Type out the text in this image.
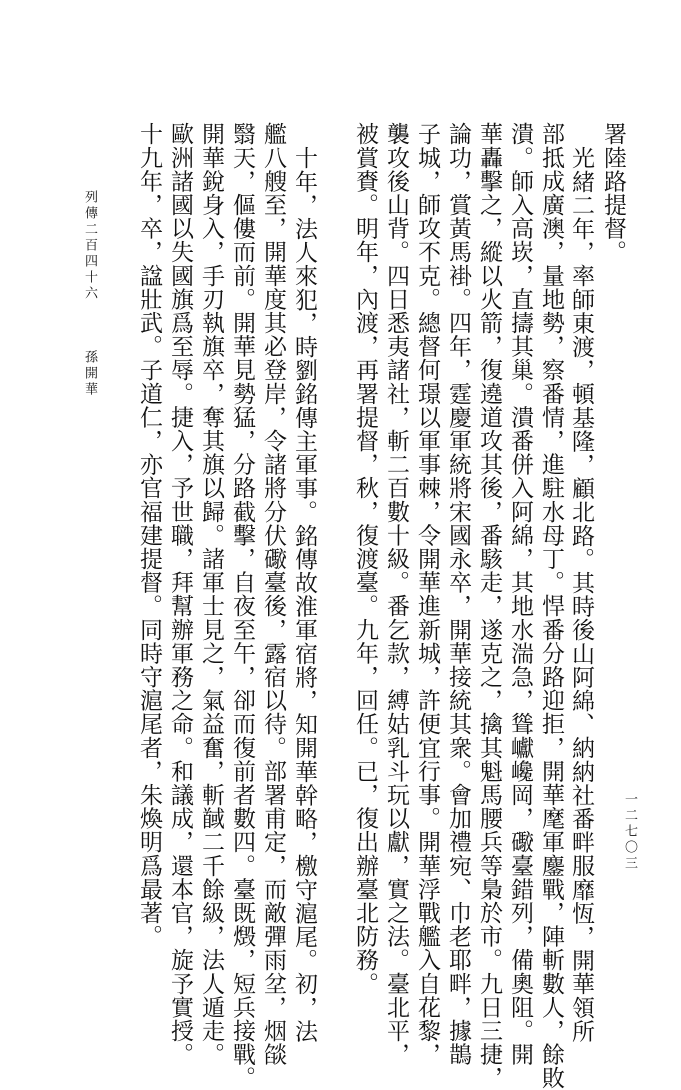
列傳二百四十六
孫開華
一二七〇三
署陸路提督。
光緒二年，率師東渡，頓基隆，顧北路。其時後山阿綿、納納社番畔服靡恆，開華領所
部抵成廣澳，量地勢，察番情，進駐水母丁。悍番分路迎拒，開華麾軍鏖戰，陣斬數人，餘敗
潰。師入高崁，直擣其巢。潰番併入阿綿，其地水湍急，聳巘巉岡，礮臺錯列，備奧阻。開
華轟擊之，縱以火箭，復遶道攻其後，番駭走，遂克之，擒其魁馬腰兵等梟於市。九日三捷，
論功，賞黃馬褂。四年，霆慶軍統將宋國永卒，開華接統其衆。會加禮宛、巾老耶畔，據鵲
子城，師攻不克。總督何璟以軍事棘，令開華進新城，許便宜行事。開華浮戰艦入自花黎，
襲攻後山背。四日悉夷諸社，斬二百數十級。番乞款，縛姑乳斗玩以獻，實之法。臺北平，
被賞賚。明年，內渡，再署提督，秋，復渡臺。九年，回任。已，復出辦臺北防務。
十年，法人來犯，時劉銘傳主軍事。銘傳故淮軍宿將，知開華幹略，檄守滬尾。初，法
艦八艘至，開華度其必登岸，令諸將分伏礮臺後，露宿以待。部署甫定，而敵彈雨坌，烟燄
翳天，傴僂而前。開華見勢猛，分路截擊，自夜至午，卻而復前者數四。臺既燬，短兵接戰。
開華銳身入，手刃執旗卒，奪其旗以歸。諸軍士見之，氣益奮，斬馘二千餘級，法人遁走。
歐洲諸國以失國旗爲至辱。捷入，予世職，拜幫辦軍務之命。和議成，還本官，旋予實授。
十九年，卒，諡壯武。子道仁，亦官福建提督。同時守滬尾者，朱煥明爲最著。
